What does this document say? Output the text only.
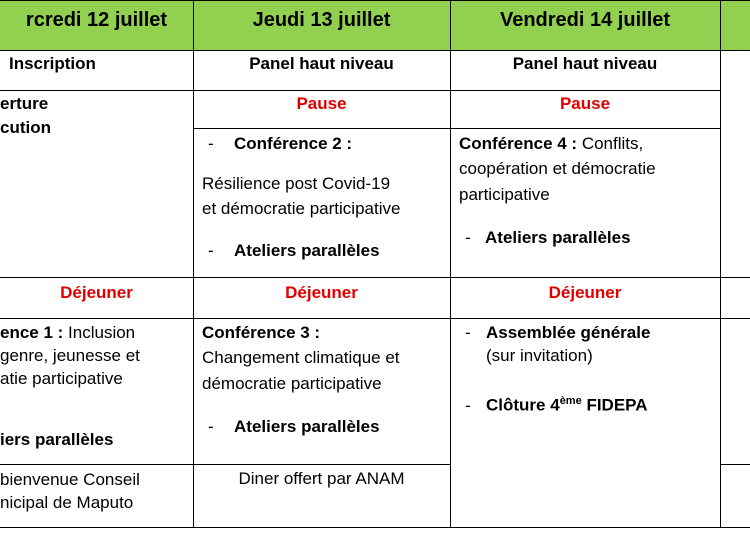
rcredi 12 juillet	Jeudi 13 juillet	Vendredi 14 juillet
Inscription
erture
cution
Déjeuner
ence 1 : Inclusion
genre, jeunesse et
atie participative
iers parallèles
bienvenue Conseil
nicipal de Maputo
Panel haut niveau
Pause
- Conférence 2 :
Résilience post Covid-19
et démocratie participative
- Ateliers parallèles
Déjeuner
Conférence 3 :
Changement climatique et
démocratie participative
- Ateliers parallèles
Diner offert par ANAM
Panel haut niveau
Pause
Conférence 4 : Conflits,
coopération et démocratie
participative
- Ateliers parallèles
Déjeuner
- Assemblée générale
(sur invitation)
- Clôture 4ème FIDEPA
